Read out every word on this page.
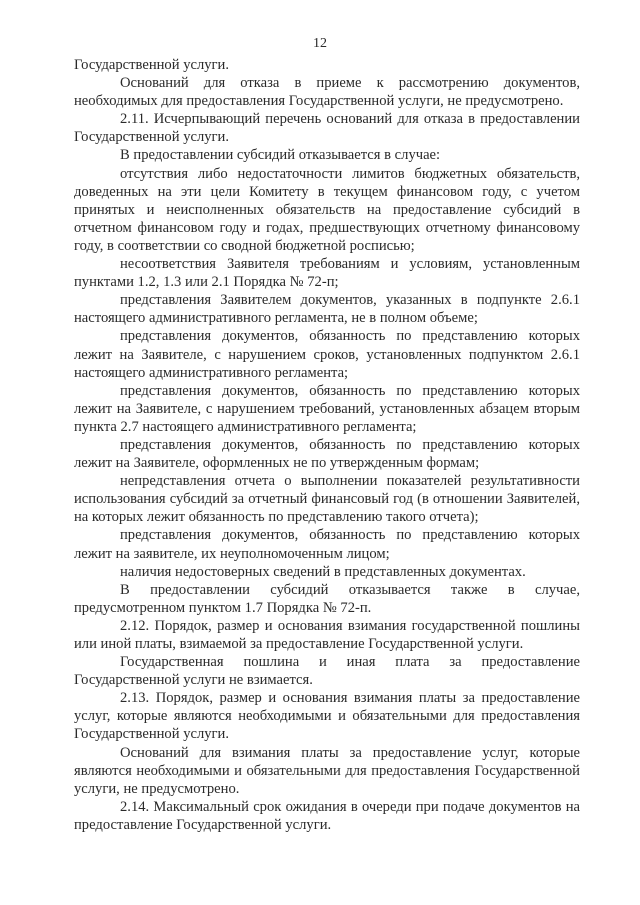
12

Государственной услуги.

Оснований для отказа в приеме к рассмотрению документов, необходимых для предоставления Государственной услуги, не предусмотрено.

2.11. Исчерпывающий перечень оснований для отказа в предоставлении Государственной услуги.

В предоставлении субсидий отказывается в случае:

отсутствия либо недостаточности лимитов бюджетных обязательств, доведенных на эти цели Комитету в текущем финансовом году, с учетом принятых и неисполненных обязательств на предоставление субсидий в отчетном финансовом году и годах, предшествующих отчетному финансовому году, в соответствии со сводной бюджетной росписью;

несоответствия Заявителя требованиям и условиям, установленным пунктами 1.2, 1.3 или 2.1 Порядка № 72-п;

представления Заявителем документов, указанных в подпункте 2.6.1 настоящего административного регламента, не в полном объеме;

представления документов, обязанность по представлению которых лежит на Заявителе, с нарушением сроков, установленных подпунктом 2.6.1 настоящего административного регламента;

представления документов, обязанность по представлению которых лежит на Заявителе, с нарушением требований, установленных абзацем вторым пункта 2.7 настоящего административного регламента;

представления документов, обязанность по представлению которых лежит на Заявителе, оформленных не по утвержденным формам;

непредставления отчета о выполнении показателей результативности использования субсидий за отчетный финансовый год (в отношении Заявителей, на которых лежит обязанность по представлению такого отчета);

представления документов, обязанность по представлению которых лежит на заявителе, их неуполномоченным лицом;

наличия недостоверных сведений в представленных документах.

В предоставлении субсидий отказывается также в случае, предусмотренном пунктом 1.7 Порядка № 72-п.

2.12. Порядок, размер и основания взимания государственной пошлины или иной платы, взимаемой за предоставление Государственной услуги.

Государственная пошлина и иная плата за предоставление Государственной услуги не взимается.

2.13. Порядок, размер и основания взимания платы за предоставление услуг, которые являются необходимыми и обязательными для предоставления Государственной услуги.

Оснований для взимания платы за предоставление услуг, которые являются необходимыми и обязательными для предоставления Государственной услуги, не предусмотрено.

2.14. Максимальный срок ожидания в очереди при подаче документов на предоставление Государственной услуги.
